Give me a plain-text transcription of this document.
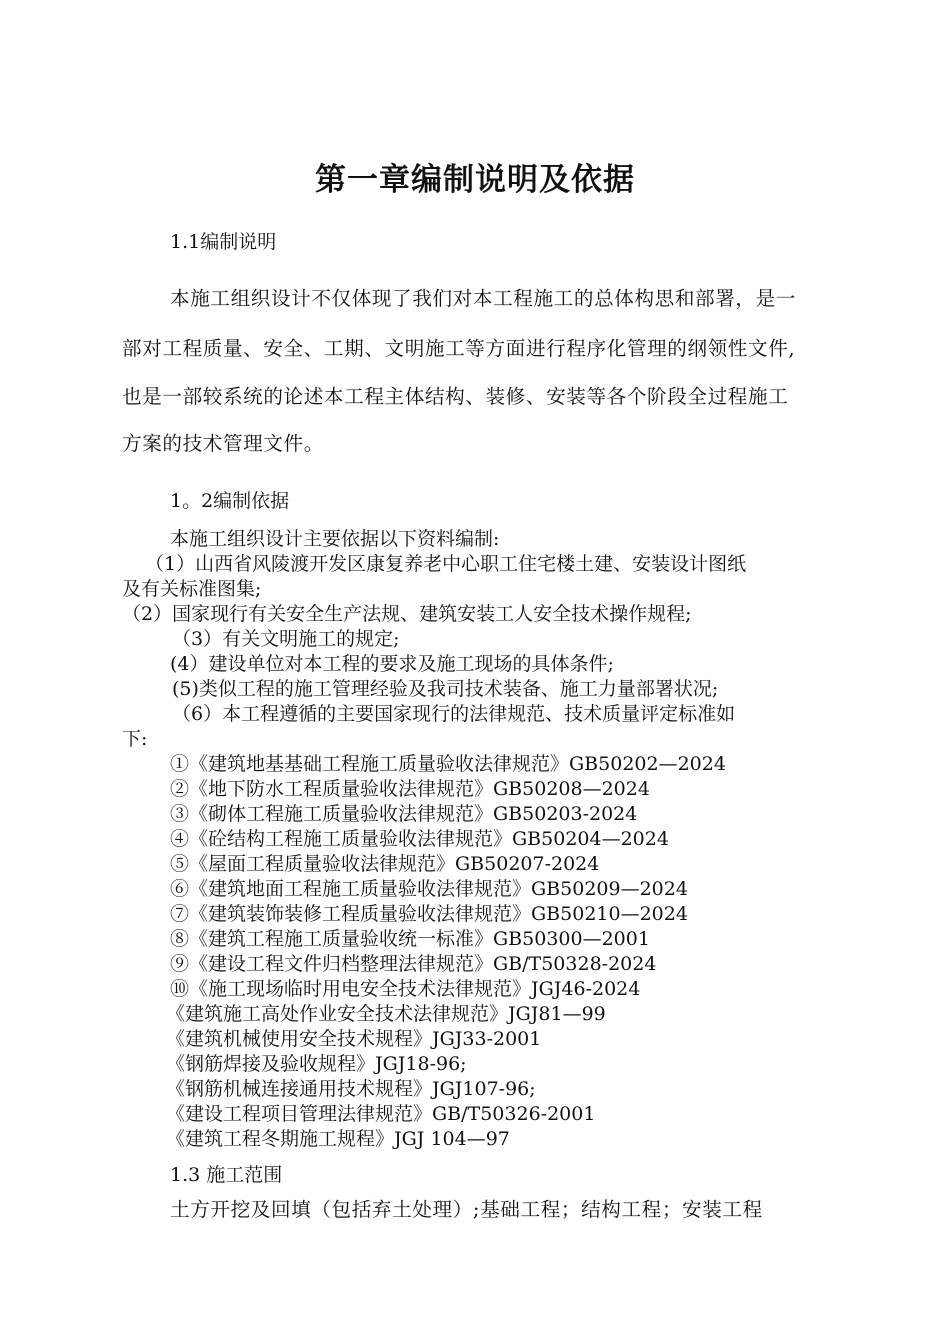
第一章编制说明及依据
1.1编制说明
本施工组织设计不仅体现了我们对本工程施工的总体构思和部署，是一
部对工程质量、安全、工期、文明施工等方面进行程序化管理的纲领性文件,
也是一部较系统的论述本工程主体结构、装修、安装等各个阶段全过程施工
方案的技术管理文件。
1。2编制依据
本施工组织设计主要依据以下资料编制:
（1）山西省风陵渡开发区康复养老中心职工住宅楼土建、安装设计图纸
及有关标准图集;
（2）国家现行有关安全生产法规、建筑安装工人安全技术操作规程;
（3）有关文明施工的规定;
(4）建设单位对本工程的要求及施工现场的具体条件;
(5)类似工程的施工管理经验及我司技术装备、施工力量部署状况;
（6）本工程遵循的主要国家现行的法律规范、技术质量评定标准如
下:
①《建筑地基基础工程施工质量验收法律规范》GB50202—2024
②《地下防水工程质量验收法律规范》GB50208—2024
③《砌体工程施工质量验收法律规范》GB50203-2024
④《砼结构工程施工质量验收法律规范》GB50204—2024
⑤《屋面工程质量验收法律规范》GB50207-2024
⑥《建筑地面工程施工质量验收法律规范》GB50209—2024
⑦《建筑装饰装修工程质量验收法律规范》GB50210—2024
⑧《建筑工程施工质量验收统一标准》GB50300—2001
⑨《建设工程文件归档整理法律规范》GB/T50328-2024
⑩《施工现场临时用电安全技术法律规范》JGJ46-2024
《建筑施工高处作业安全技术法律规范》JGJ81—99
《建筑机械使用安全技术规程》JGJ33-2001
《钢筋焊接及验收规程》JGJ18-96;
《钢筋机械连接通用技术规程》JGJ107-96;
《建设工程项目管理法律规范》GB/T50326-2001
《建筑工程冬期施工规程》JGJ 104—97
1.3 施工范围
土方开挖及回填（包括弃土处理）;基础工程；结构工程；安装工程
